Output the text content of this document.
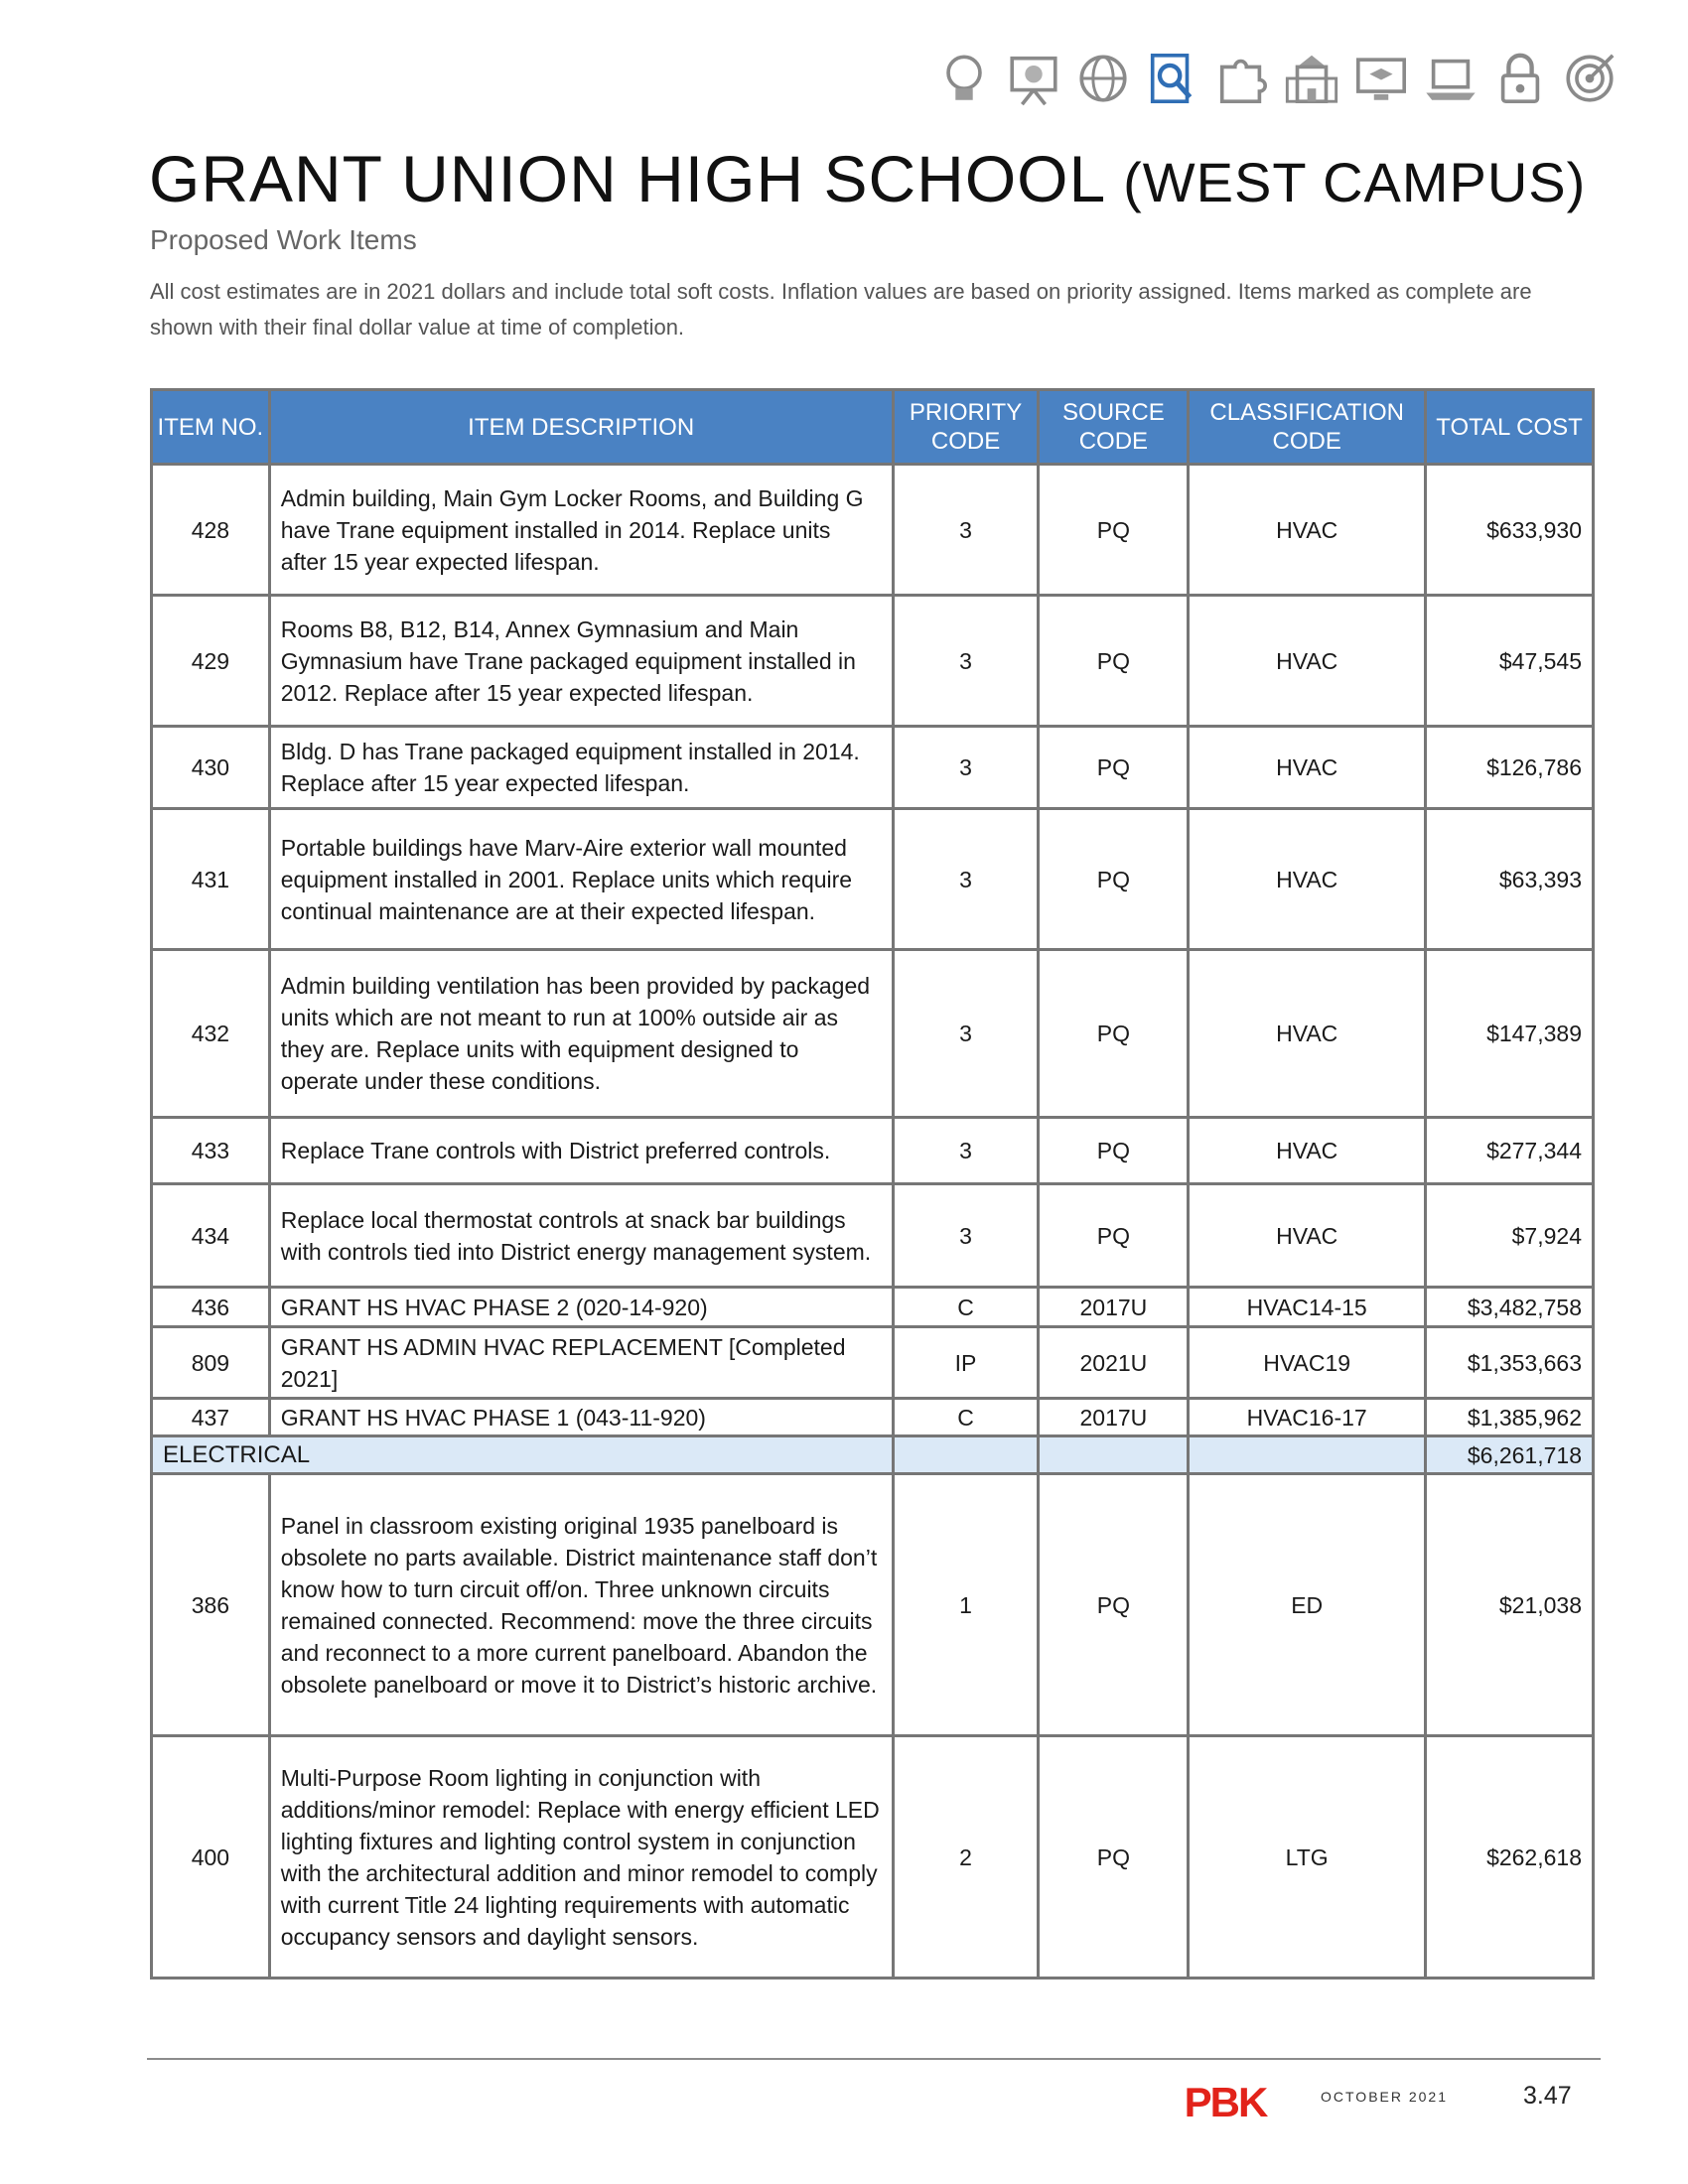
GRANT UNION HIGH SCHOOL (WEST CAMPUS)
Proposed Work Items
All cost estimates are in 2021 dollars and include total soft costs. Inflation values are based on priority assigned. Items marked as complete are shown with their final dollar value at time of completion.
ITEM NO.	ITEM DESCRIPTION	PRIORITY CODE	SOURCE CODE	CLASSIFICATION CODE	TOTAL COST
428	Admin building, Main Gym Locker Rooms, and Building G have Trane equipment installed in 2014. Replace units after 15 year expected lifespan.	3	PQ	HVAC	$633,930
429	Rooms B8, B12, B14, Annex Gymnasium and Main Gymnasium have Trane packaged equipment installed in 2012. Replace after 15 year expected lifespan.	3	PQ	HVAC	$47,545
430	Bldg. D has Trane packaged equipment installed in 2014. Replace after 15 year expected lifespan.	3	PQ	HVAC	$126,786
431	Portable buildings have Marv-Aire exterior wall mounted equipment installed in 2001. Replace units which require continual maintenance are at their expected lifespan.	3	PQ	HVAC	$63,393
432	Admin building ventilation has been provided by packaged units which are not meant to run at 100% outside air as they are. Replace units with equipment designed to operate under these conditions.	3	PQ	HVAC	$147,389
433	Replace Trane controls with District preferred controls.	3	PQ	HVAC	$277,344
434	Replace local thermostat controls at snack bar buildings with controls tied into District energy management system.	3	PQ	HVAC	$7,924
436	GRANT HS HVAC PHASE 2 (020-14-920)	C	2017U	HVAC14-15	$3,482,758
809	GRANT HS ADMIN HVAC REPLACEMENT [Completed 2021]	IP	2021U	HVAC19	$1,353,663
437	GRANT HS HVAC PHASE 1 (043-11-920)	C	2017U	HVAC16-17	$1,385,962
ELECTRICAL					$6,261,718
386	Panel in classroom existing original 1935 panelboard is obsolete no parts available. District maintenance staff don’t know how to turn circuit off/on. Three unknown circuits remained connected. Recommend: move the three circuits and reconnect to a more current panelboard. Abandon the obsolete panelboard or move it to District’s historic archive.	1	PQ	ED	$21,038
400	Multi-Purpose Room lighting in conjunction with additions/minor remodel: Replace with energy efficient LED lighting fixtures and lighting control system in conjunction with the architectural addition and minor remodel to comply with current Title 24 lighting requirements with automatic occupancy sensors and daylight sensors.	2	PQ	LTG	$262,618
PBK	OCTOBER 2021	3.47
